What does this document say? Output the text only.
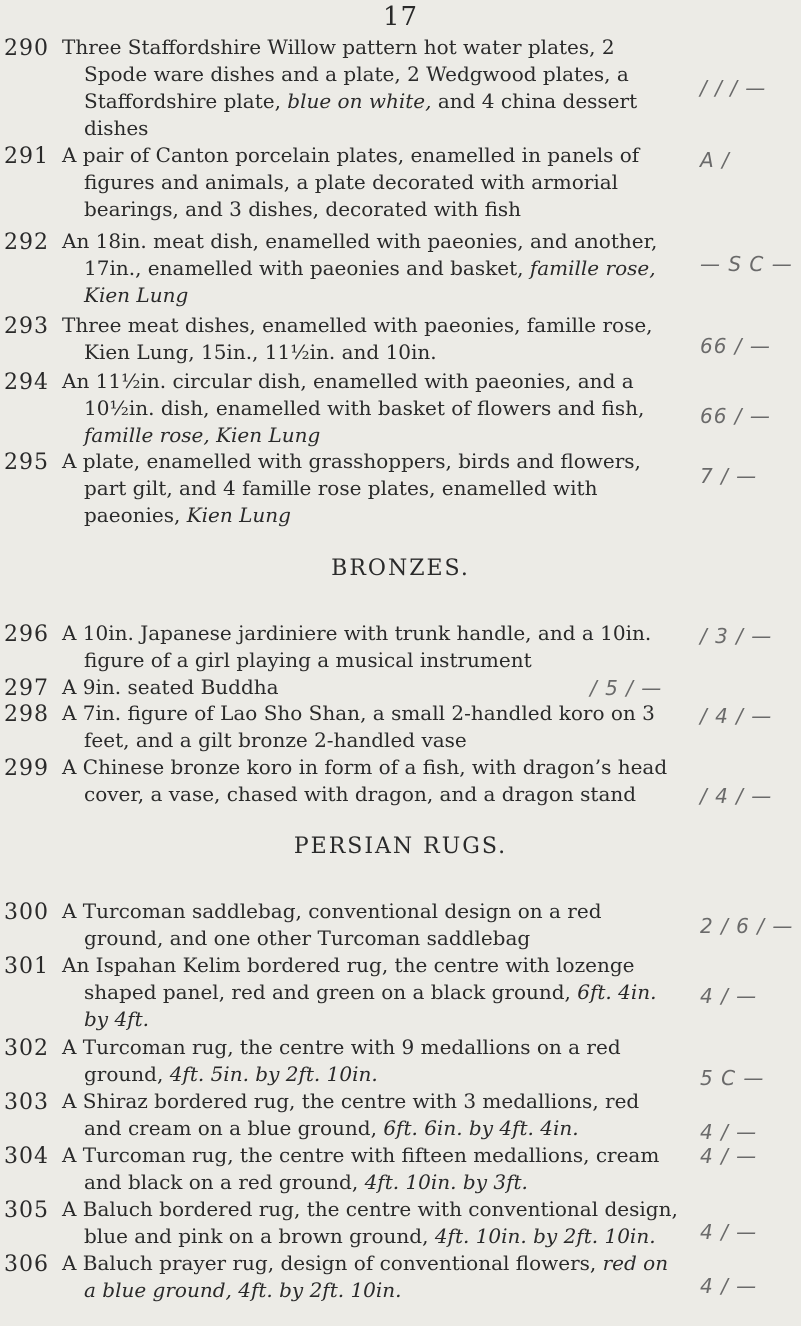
17
290 Three Staffordshire Willow pattern hot water plates, 2 Spode ware dishes and a plate, 2 Wedgwood plates, a Staffordshire plate, blue on white, and 4 china dessert dishes

/ / / —
291 A pair of Canton porcelain plates, enamelled in panels of figures and animals, a plate decorated with armorial bearings, and 3 dishes, decorated with fish

A /
292 An 18in. meat dish, enamelled with paeonies, and another, 17in., enamelled with paeonies and basket, famille rose, Kien Lung

— S C —
293 Three meat dishes, enamelled with paeonies, famille rose, Kien Lung, 15in., 11½in. and 10in.	66 / —
294 An 11½in. circular dish, enamelled with paeonies, and a 10½in. dish, enamelled with basket of flowers and fish, famille rose, Kien Lung

66 / —
295 A plate, enamelled with grasshoppers, birds and flowers, part gilt, and 4 famille rose plates, enamelled with paeonies, Kien Lung

7 / —
BRONZES.
296 A 10in. Japanese jardiniere with trunk handle, and a 10in. figure of a girl playing a musical instrument

/ 3 / —
297 A 9in. seated Buddha	/ 5 / —
298 A 7in. figure of Lao Sho Shan, a small 2-handled koro on 3 feet, and a gilt bronze 2-handled vase

/ 4 / —
299 A Chinese bronze koro in form of a fish, with dragon’s head cover, a vase, chased with dragon, and a dragon stand	/ 4 / —
PERSIAN RUGS.
300 A Turcoman saddlebag, conventional design on a red ground, and one other Turcoman saddlebag	2 / 6 / —
301 An Ispahan Kelim bordered rug, the centre with lozenge shaped panel, red and green on a black ground, 6ft. 4in. by 4ft.

4 / —
302 A Turcoman rug, the centre with 9 medallions on a red ground, 4ft. 5in. by 2ft. 10in.	5 C —
303 A Shiraz bordered rug, the centre with 3 medallions, red and cream on a blue ground, 6ft. 6in. by 4ft. 4in.	4 / —
304 A Turcoman rug, the centre with fifteen medallions, cream and black on a red ground, 4ft. 10in. by 3ft.

4 / —
305 A Baluch bordered rug, the centre with conventional design, blue and pink on a brown ground, 4ft. 10in. by 2ft. 10in.	4 / —
306 A Baluch prayer rug, design of conventional flowers, red on a blue ground, 4ft. by 2ft. 10in.	4 / —
